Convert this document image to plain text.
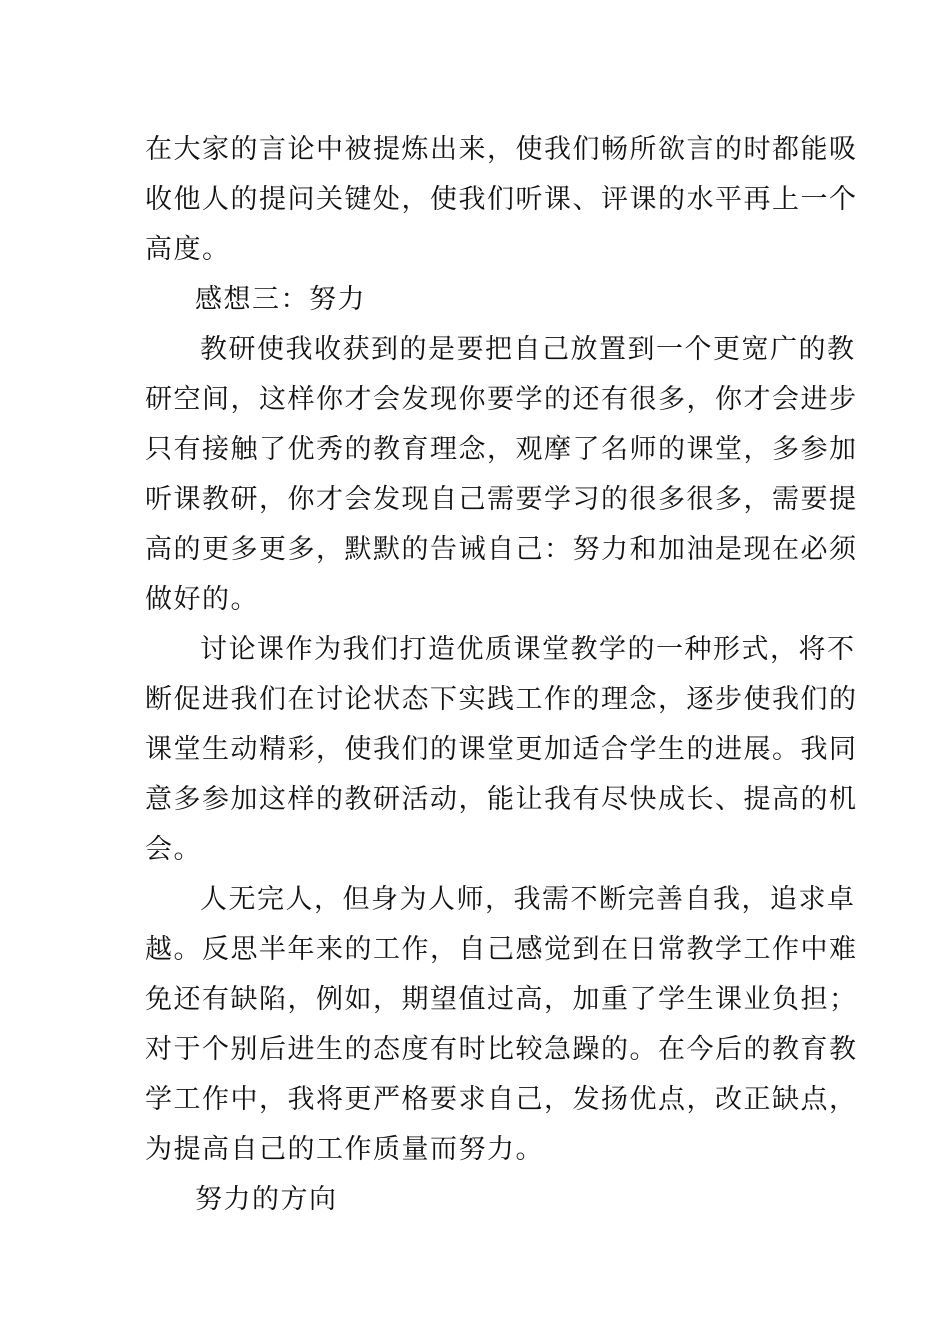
在大家的言论中被提炼出来，使我们畅所欲言的时都能吸
收他人的提问关键处，使我们听课、评课的水平再上一个
高度。
感想三：努力
教研使我收获到的是要把自己放置到一个更宽广的教
研空间，这样你才会发现你要学的还有很多，你才会进步
只有接触了优秀的教育理念，观摩了名师的课堂，多参加
听课教研，你才会发现自己需要学习的很多很多，需要提
高的更多更多，默默的告诫自己：努力和加油是现在必须
做好的。
讨论课作为我们打造优质课堂教学的一种形式，将不
断促进我们在讨论状态下实践工作的理念，逐步使我们的
课堂生动精彩，使我们的课堂更加适合学生的进展。我同
意多参加这样的教研活动，能让我有尽快成长、提高的机
会。
人无完人，但身为人师，我需不断完善自我，追求卓
越。反思半年来的工作，自己感觉到在日常教学工作中难
免还有缺陷，例如，期望值过高，加重了学生课业负担；
对于个别后进生的态度有时比较急躁的。在今后的教育教
学工作中，我将更严格要求自己，发扬优点，改正缺点，
为提高自己的工作质量而努力。
努力的方向
